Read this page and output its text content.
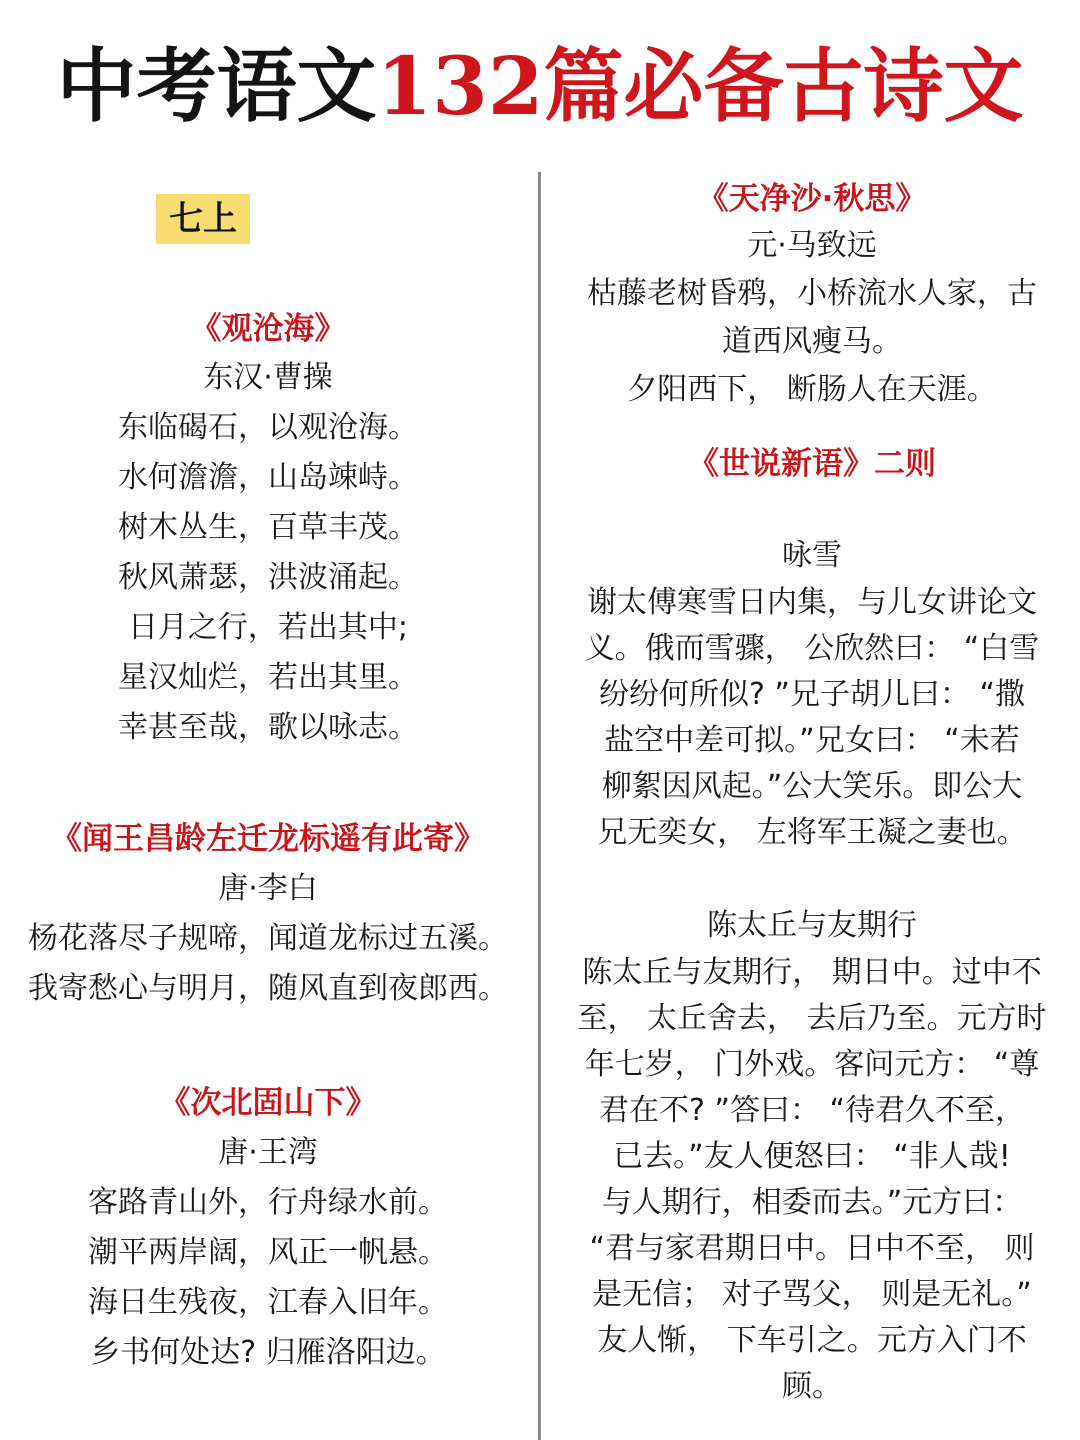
中考语文132篇必备古诗文
七上
《观沧海》
东汉·曹操
东临碣石，以观沧海。
水何澹澹，山岛竦峙。
树木丛生，百草丰茂。
秋风萧瑟，洪波涌起。
日月之行，若出其中;
星汉灿烂，若出其里。
幸甚至哉，歌以咏志。
《闻王昌龄左迁龙标遥有此寄》
唐·李白
杨花落尽子规啼，闻道龙标过五溪。
我寄愁心与明月，随风直到夜郎西。
《次北固山下》
唐·王湾
客路青山外，行舟绿水前。
潮平两岸阔，风正一帆悬。
海日生残夜，江春入旧年。
乡书何处达? 归雁洛阳边。
《天净沙·秋思》
元·马致远
枯藤老树昏鸦，小桥流水人家，古
道西风瘦马。
夕阳西下， 断肠人在天涯。
《世说新语》二则
咏雪
谢太傅寒雪日内集，与儿女讲论文
义。俄而雪骤， 公欣然曰： “白雪
纷纷何所似? ”兄子胡儿曰： “撒
盐空中差可拟。”兄女曰： “未若
柳絮因风起。”公大笑乐。即公大
兄无奕女， 左将军王凝之妻也。
陈太丘与友期行
陈太丘与友期行， 期日中。过中不
至， 太丘舍去， 去后乃至。元方时
年七岁， 门外戏。客问元方： “尊
君在不? ”答曰： “待君久不至，
已去。”友人便怒曰： “非人哉!
与人期行，相委而去。”元方曰：
“君与家君期日中。日中不至， 则
是无信； 对子骂父， 则是无礼。”
友人惭， 下车引之。元方入门不
顾。
